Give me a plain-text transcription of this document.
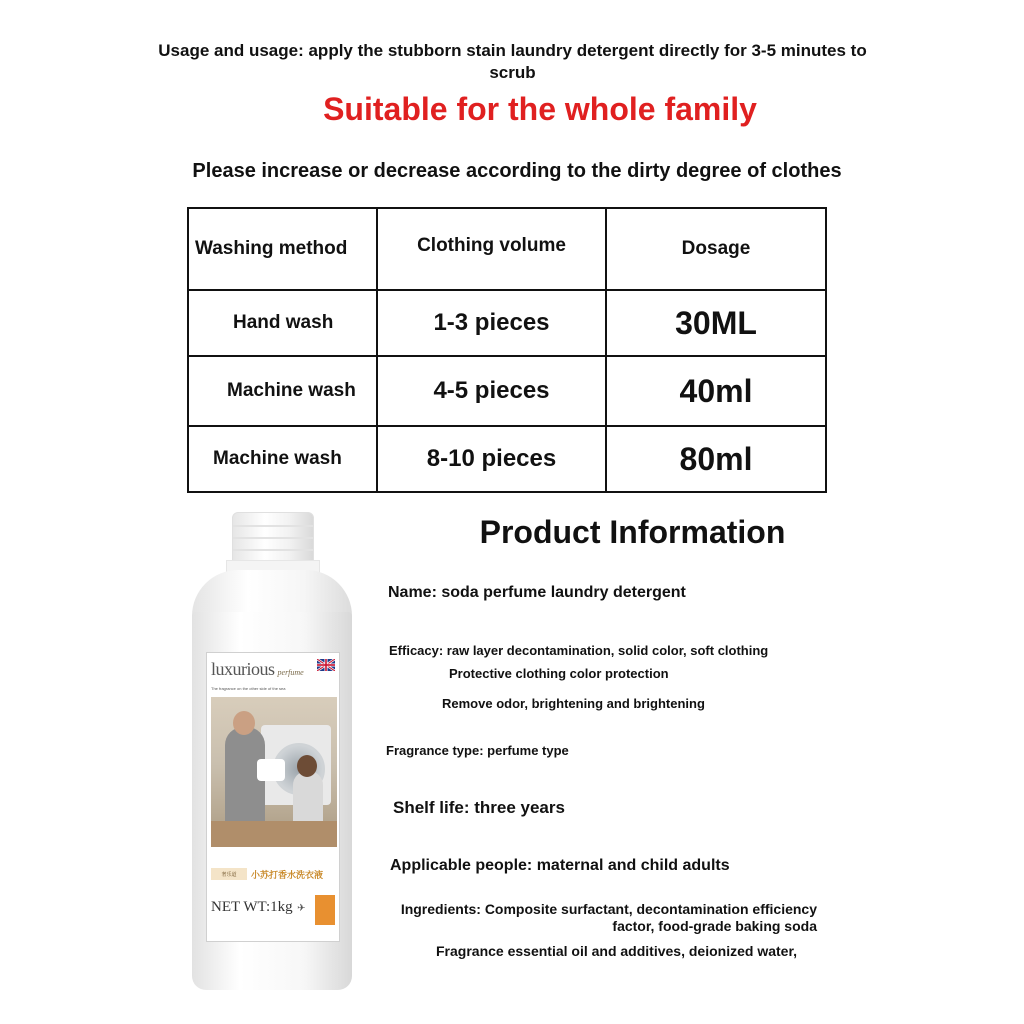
Usage and usage: apply the stubborn stain laundry detergent directly for 3-5 minutes to scrub
Suitable for the whole family
Please increase or decrease according to the dirty degree of clothes
Washing method	Clothing volume	Dosage
Hand wash	1-3 pieces	30ML
Machine wash	4-5 pieces	40ml
Machine wash	8-10 pieces	80ml
luxurious perfume
The fragrance on the other side of the sea
奢乐道	小苏打香水洗衣液
NET WT:1kg ✈
Product Information
Name: soda perfume laundry detergent
Efficacy: raw layer decontamination, solid color, soft clothing
Protective clothing color protection
Remove odor, brightening and brightening
Fragrance type: perfume type
Shelf life: three years
Applicable people: maternal and child adults
Ingredients: Composite surfactant, decontamination efficiency
factor, food-grade baking soda
Fragrance essential oil and additives, deionized water,
